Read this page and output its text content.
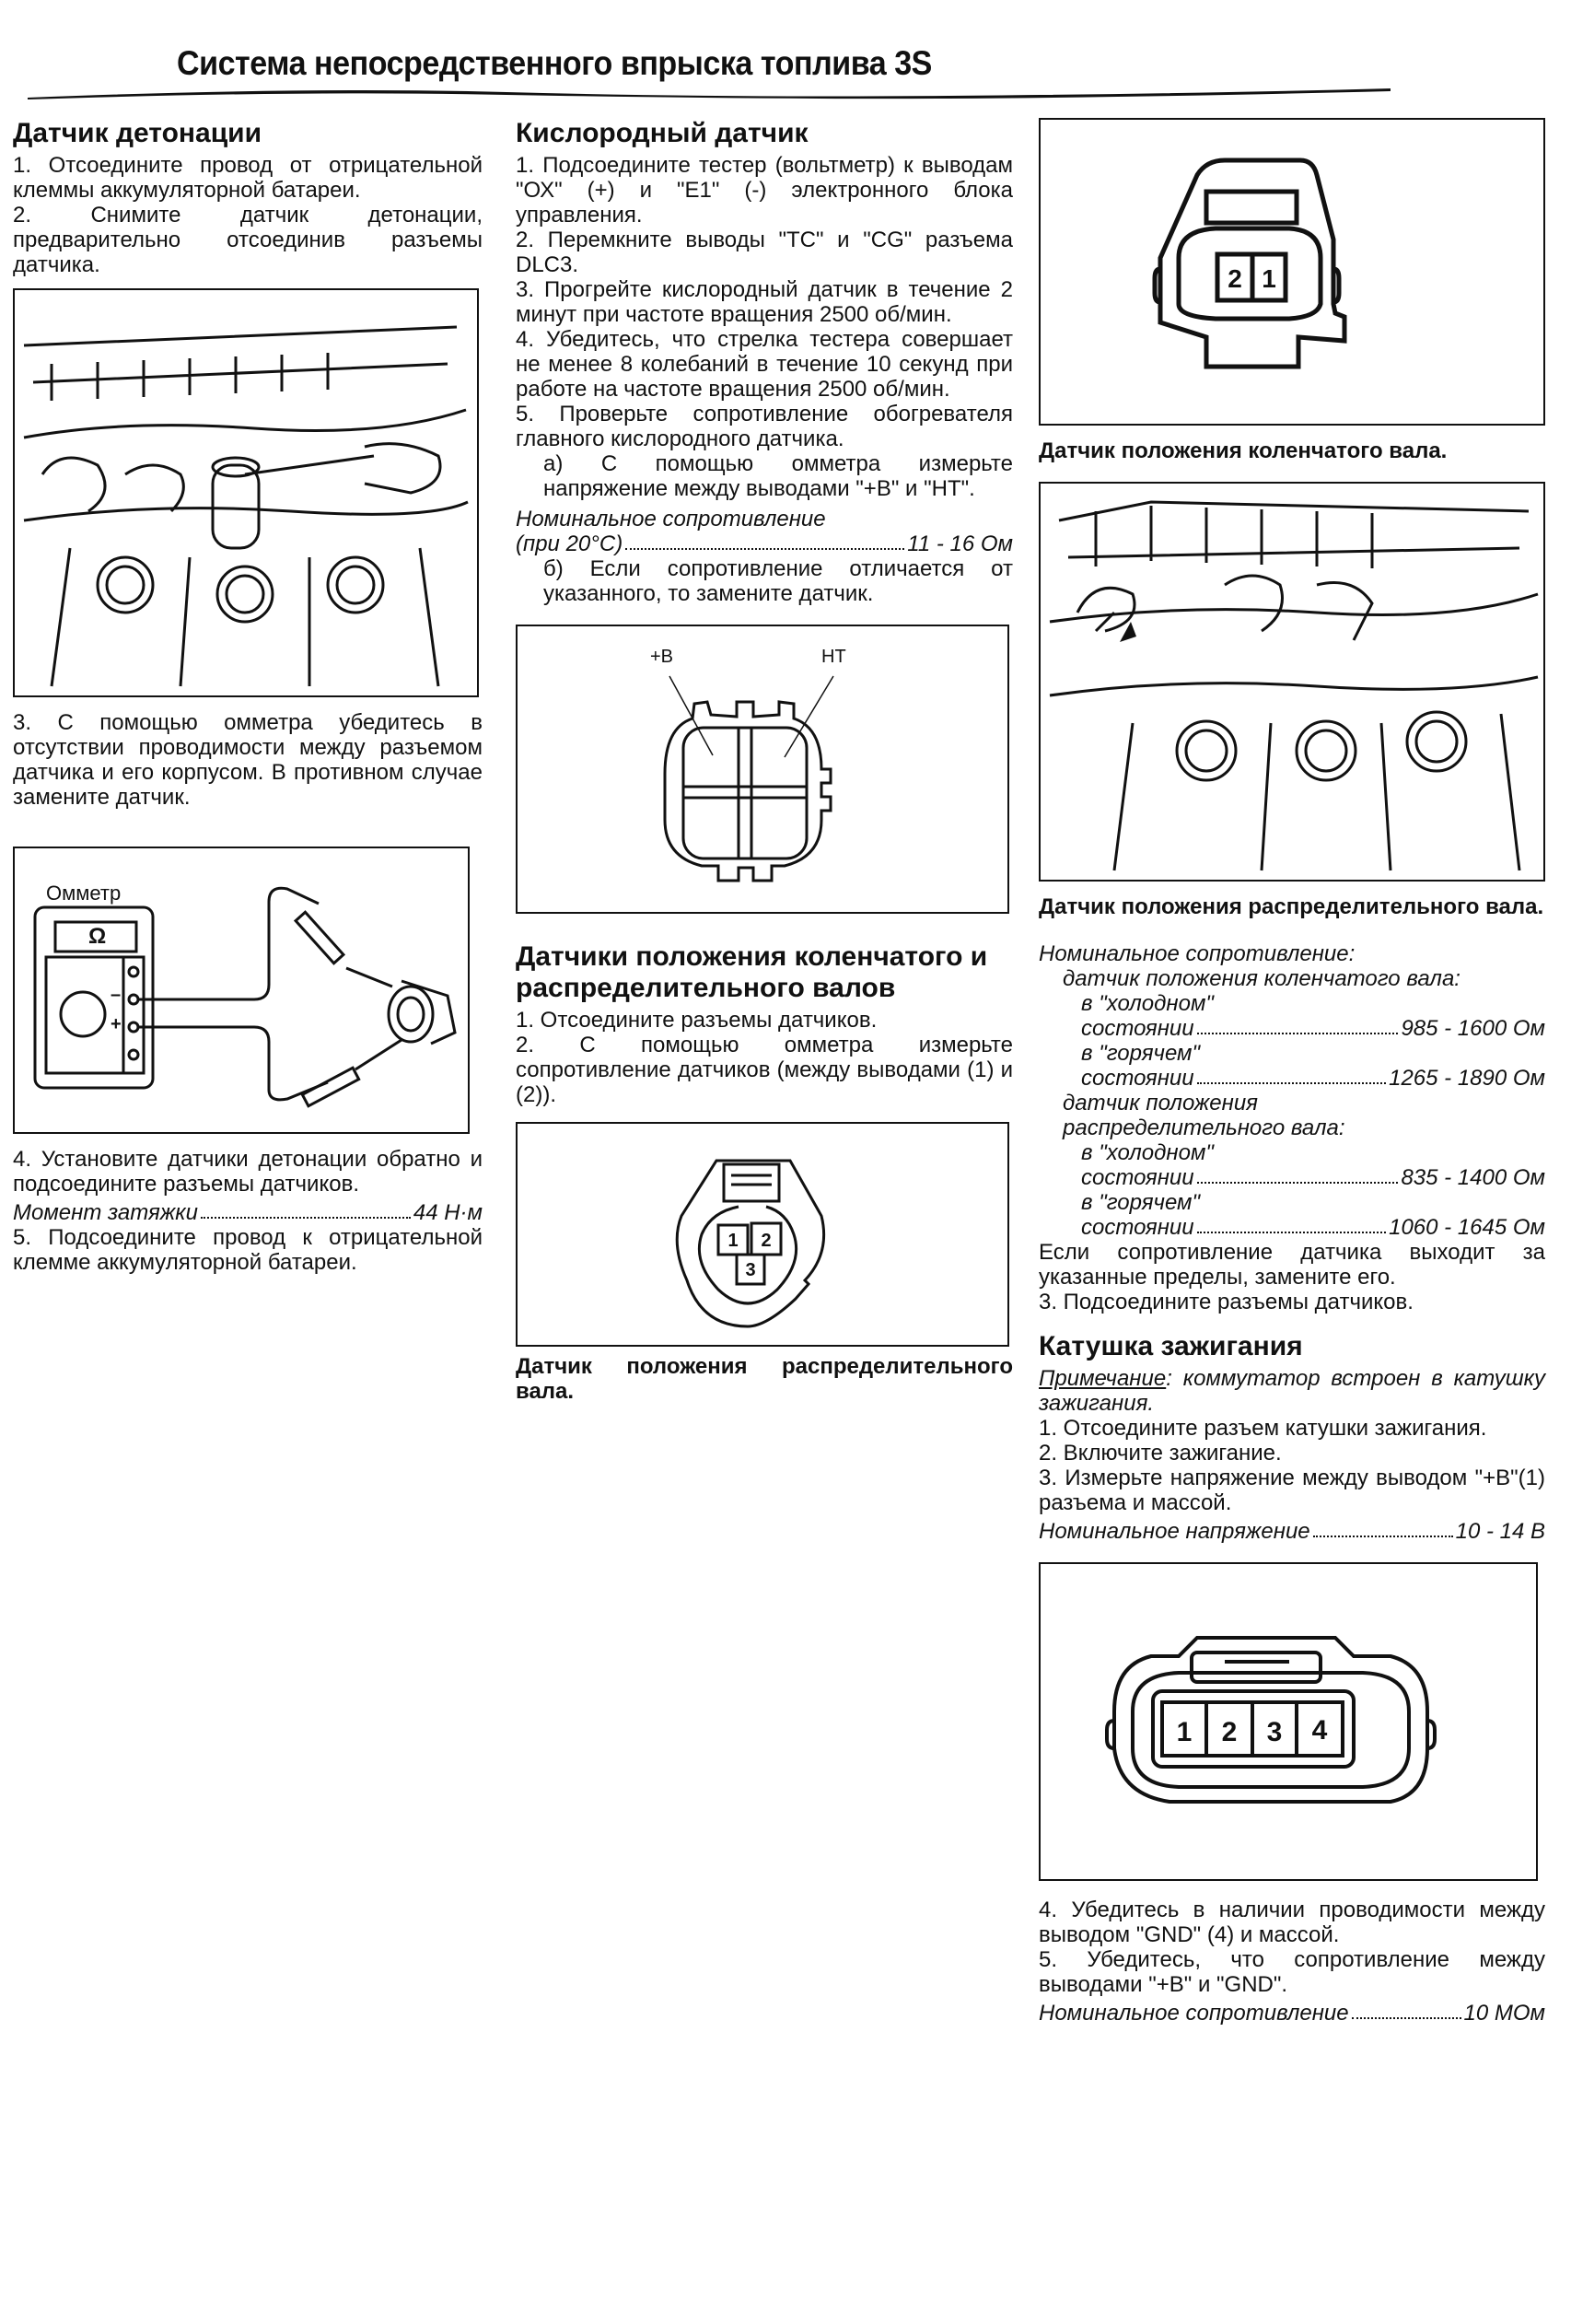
Система непосредственного впрыска топлива 3S
Датчик детонации

1. Отсоедините провод от отрицательной клеммы аккумуляторной батареи.

2. Снимите датчик детонации, предварительно отсоединив разъемы датчика.

3. С помощью омметра убедитесь в отсутствии проводимости между разъемом датчика и его корпусом. В противном случае замените датчик.

Омметр
Ω
–
+

4. Установите датчики детонации обратно и подсоедините разъемы датчиков.

Момент затяжки	44 Н·м

5. Подсоедините провод к отрицательной клемме аккумуляторной батареи.

Кислородный датчик

1. Подсоедините тестер (вольтметр) к выводам "ОХ" (+) и "Е1" (-) электронного блока управления.

2. Перемкните выводы "ТС" и "CG" разъема DLC3.

3. Прогрейте кислородный датчик в течение 2 минут при частоте вращения 2500 об/мин.

4. Убедитесь, что стрелка тестера совершает не менее 8 колебаний в течение 10 секунд при работе на частоте вращения 2500 об/мин.

5. Проверьте сопротивление обогревателя главного кислородного датчика.

а) С помощью омметра измерьте напряжение между выводами "+В" и "НТ".

Номинальное сопротивление

(при 20°С)	11 - 16 Ом

б) Если сопротивление отличается от указанного, то замените датчик.

+B	HT
Датчики положения коленчатого и распределительного валов

1. Отсоедините разъемы датчиков.

2. С помощью омметра измерьте сопротивление датчиков (между выводами (1) и (2)).

1 2
3
Датчик положения распределительного вала.
2 1
Датчик положения коленчатого вала.
Датчик положения распределительного вала.

Номинальное сопротивление:

датчик положения коленчатого вала:

в "холодном"

состоянии	985 - 1600 Ом

в "горячем"

состоянии	1265 - 1890 Ом

датчик положения

распределительного вала:

в "холодном"

состоянии	835 - 1400 Ом

в "горячем"

состоянии	1060 - 1645 Ом

Если сопротивление датчика выходит за указанные пределы, замените его.

3. Подсоедините разъемы датчиков.

Катушка зажигания

Примечание: коммутатор встроен в катушку зажигания.

1. Отсоедините разъем катушки зажигания.

2. Включите зажигание.

3. Измерьте напряжение между выводом "+В"(1) разъема и массой.

Номинальное напряжение	10 - 14 В
1 2 3 4

4. Убедитесь в наличии проводимости между выводом "GND" (4) и массой.

5. Убедитесь, что сопротивление между выводами "+В" и "GND".

Номинальное сопротивление	10 МОм
